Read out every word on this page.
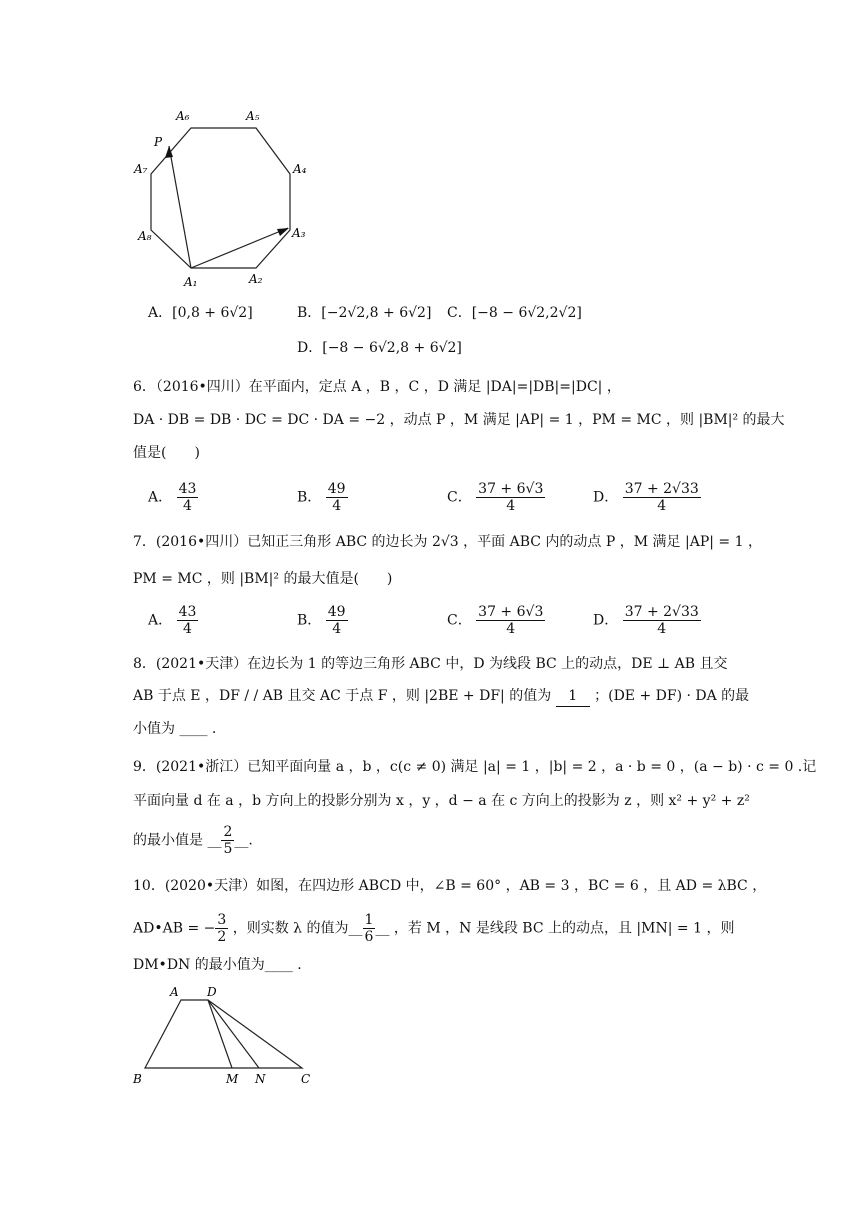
A₆	A₅
P
A₇	A₄
A₃
A₈
A₁	A₂
A．[0,8 + 6√2]	B．[−2√2,8 + 6√2] C．[−8 − 6√2,2√2]
D．[−8 − 6√2,8 + 6√2]
6．（2016•四川）在平面内，定点 A ，B ，C ，D 满足 |DA|=|DB|=|DC| ，
DA · DB = DB · DC = DC · DA = −2 ，动点 P ，M 满足 |AP| = 1 ，PM = MC ，则 |BM|² 的最大
值是(　　)
A． $\frac{43}{4}$	B． $\frac{49}{4}$	C． $\frac{37 + 6√3}{4}$	D． $\frac{37 + 2√33}{4}$
7．(2016•四川）已知正三角形 ABC 的边长为 2√3 ，平面 ABC 内的动点 P ，M 满足 |AP| = 1 ，
PM = MC ，则 |BM|² 的最大值是(　　)
A． $\frac{43}{4}$	B． $\frac{49}{4}$	C． $\frac{37 + 6√3}{4}$	D． $\frac{37 + 2√33}{4}$
8．(2021•天津）在边长为 1 的等边三角形 ABC 中，D 为线段 BC 上的动点，DE ⊥ AB 且交
AB 于点 E ，DF / / AB 且交 AC 于点 F ，则 |2BE + DF| 的值为 1 ；(DE + DF) · DA 的最
小值为 ____ .
9．(2021•浙江）已知平面向量 a ，b ，c(c ≠ 0) 满足 |a| = 1 ，|b| = 2 ，a · b = 0 ，(a − b) · c = 0 .记
平面向量 d 在 a ，b 方向上的投影分别为 x ，y ，d − a 在 c 方向上的投影为 z ，则 x² + y² + z²
的最小值是 __ $\frac{2}{5}$ __.
10．(2020•天津）如图，在四边形 ABCD 中，∠B = 60° ，AB = 3 ，BC = 6 ，且 AD = λBC ，
AD•AB = − $\frac{3}{2}$ ，则实数 λ 的值为__ $\frac{1}{6}$ __ ，若 M ，N 是线段 BC 上的动点，且 |MN| = 1 ，则
DM•DN 的最小值为____ .
A D
B	M N	C
